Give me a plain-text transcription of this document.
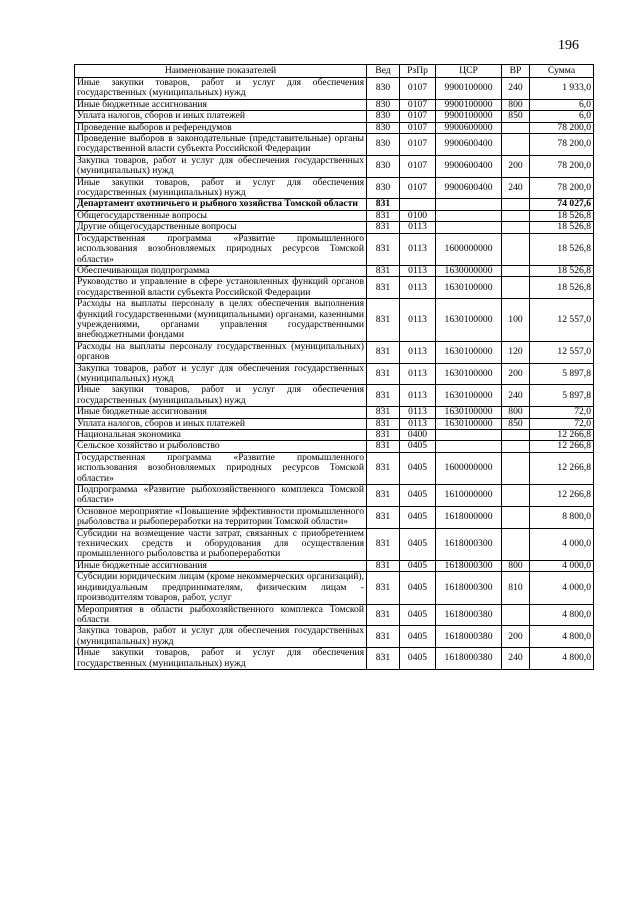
196
Наименование показателей	Вед	РзПр	ЦСР	ВР	Сумма
Иные закупки товаров, работ и услуг для обеспечения государственных (муниципальных) нужд	830	0107	9900100000	240	1 933,0
Иные бюджетные ассигнования	830	0107	9900100000	800	6,0
Уплата налогов, сборов и иных платежей	830	0107	9900100000	850	6,0
Проведение выборов и референдумов	830	0107	9900600000		78 200,0
Проведение выборов в законодательные (представительные) органы государственной власти субъекта Российской Федерации	830	0107	9900600400		78 200,0
Закупка товаров, работ и услуг для обеспечения государственных (муниципальных) нужд	830	0107	9900600400	200	78 200,0
Иные закупки товаров, работ и услуг для обеспечения государственных (муниципальных) нужд	830	0107	9900600400	240	78 200,0
Департамент охотничьего и рыбного хозяйства Томской области	831				74 027,6
Общегосударственные вопросы	831	0100			18 526,8
Другие общегосударственные вопросы	831	0113			18 526,8
Государственная программа «Развитие промышленного использования возобновляемых природных ресурсов Томской области»	831	0113	1600000000		18 526,8
Обеспечивающая подпрограмма	831	0113	1630000000		18 526,8
Руководство и управление в сфере установленных функций органов государственной власти субъекта Российской Федерации	831	0113	1630100000		18 526,8
Расходы на выплаты персоналу в целях обеспечения выполнения функций государственными (муниципальными) органами, казенными учреждениями, органами управления государственными внебюджетными фондами	831	0113	1630100000	100	12 557,0
Расходы на выплаты персоналу государственных (муниципальных) органов	831	0113	1630100000	120	12 557,0
Закупка товаров, работ и услуг для обеспечения государственных (муниципальных) нужд	831	0113	1630100000	200	5 897,8
Иные закупки товаров, работ и услуг для обеспечения государственных (муниципальных) нужд	831	0113	1630100000	240	5 897,8
Иные бюджетные ассигнования	831	0113	1630100000	800	72,0
Уплата налогов, сборов и иных платежей	831	0113	1630100000	850	72,0
Национальная экономика	831	0400			12 266,8
Сельское хозяйство и рыболовство	831	0405			12 266,8
Государственная программа «Развитие промышленного использования возобновляемых природных ресурсов Томской области»	831	0405	1600000000		12 266,8
Подпрограмма «Развитие рыбохозяйственного комплекса Томской области»	831	0405	1610000000		12 266,8
Основное мероприятие «Повышение эффективности промышленного рыболовства и рыбопереработки на территории Томской области»	831	0405	1618000000		8 800,0
Субсидии на возмещение части затрат, связанных с приобретением технических средств и оборудования для осуществления промышленного рыболовства и рыбопереработки	831	0405	1618000300		4 000,0
Иные бюджетные ассигнования	831	0405	1618000300	800	4 000,0
Субсидии юридическим лицам (кроме некоммерческих организаций), индивидуальным предпринимателям, физическим лицам - производителям товаров, работ, услуг	831	0405	1618000300	810	4 000,0
Мероприятия в области рыбохозяйственного комплекса Томской области	831	0405	1618000380		4 800,0
Закупка товаров, работ и услуг для обеспечения государственных (муниципальных) нужд	831	0405	1618000380	200	4 800,0
Иные закупки товаров, работ и услуг для обеспечения государственных (муниципальных) нужд	831	0405	1618000380	240	4 800,0
